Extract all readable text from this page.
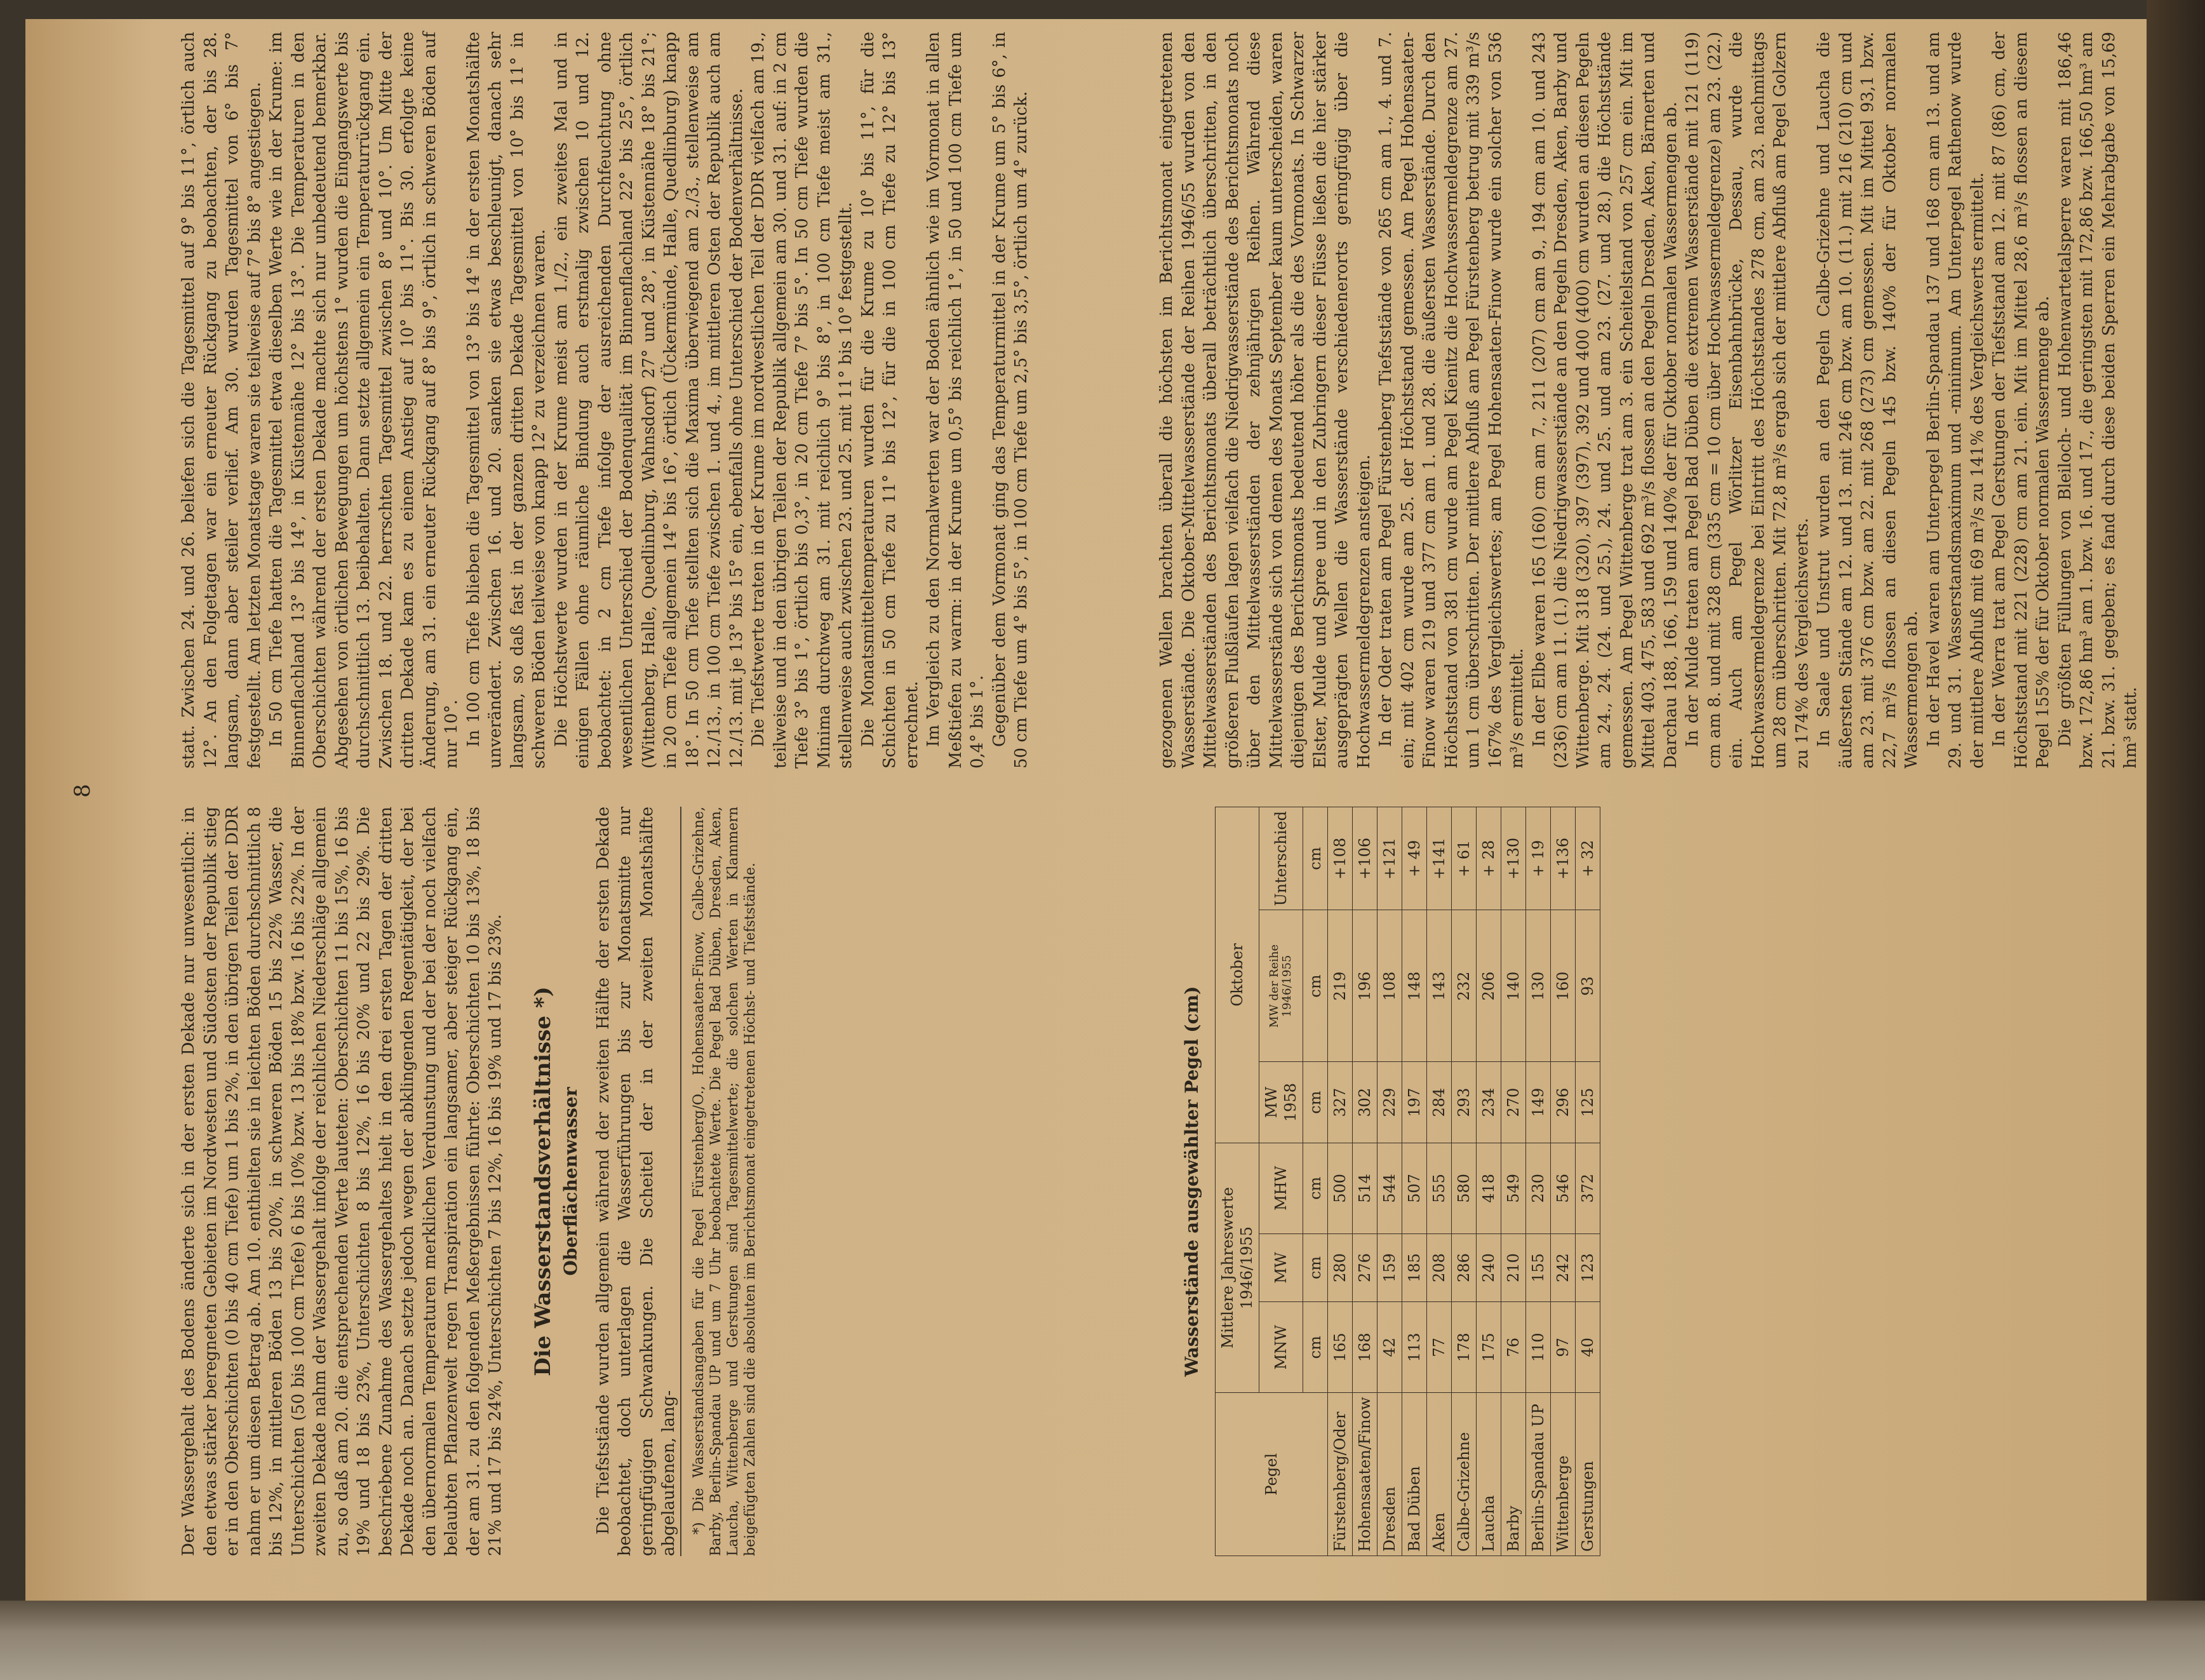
8

statt. Zwischen 24. und 26. beliefen sich die Tagesmittel auf 9° bis 11°, örtlich auch 12°. An den Folgetagen war ein erneuter Rückgang zu beobachten, der bis 28. langsam, dann aber steiler verlief. Am 30. wurden Tagesmittel von 6° bis 7° festgestellt. Am letzten Monatstage waren sie teilweise auf 7° bis 8° angestiegen. In 50 cm Tiefe hatten die Tagesmittel etwa dieselben Werte wie in der Krume: im Binnenflachland 13° bis 14°, in Küstennähe 12° bis 13°. Die Temperaturen in den Oberschichten während der ersten Dekade machte sich nur unbedeutend bemerkbar. Abgesehen von örtlichen Bewegungen um höchstens 1° wurden die Eingangswerte bis durchschnittlich 13. beibehalten. Dann setzte allgemein ein Temperaturrückgang ein. Zwischen 18. und 22. herrschten Tagesmittel zwischen 8° und 10°. Um Mitte der dritten Dekade kam es zu einem Anstieg auf 10° bis 11°. Bis 30. erfolgte keine Änderung, am 31. ein erneuter Rückgang auf 8° bis 9°, örtlich in schweren Böden auf nur 10°. In 100 cm Tiefe blieben die Tagesmittel von 13° bis 14° in der ersten Monatshälfte unverändert. Zwischen 16. und 20. sanken sie etwas beschleunigt, danach sehr langsam, so daß fast in der ganzen dritten Dekade Tagesmittel von 10° bis 11° in schweren Böden teilweise von knapp 12° zu verzeichnen waren. Die Höchstwerte wurden in der Krume meist am 1./2., ein zweites Mal und in einigen Fällen ohne räumliche Bindung auch erstmalig zwischen 10 und 12. beobachtet: in 2 cm Tiefe infolge der ausreichenden Durchfeuchtung ohne wesentlichen Unterschied der Bodenqualität im Binnenflachland 22° bis 25°, örtlich (Wittenberg, Halle, Quedlinburg, Wahnsdorf) 27° und 28°, in Küstennähe 18° bis 21°; in 20 cm Tiefe allgemein 14° bis 16°, örtlich (Ückermünde, Halle, Quedlinburg) knapp 18°. In 50 cm Tiefe stellten sich die Maxima überwiegend am 2./3., stellenweise am 12./13., in 100 cm Tiefe zwischen 1. und 4., im mittleren Osten der Republik auch am 12./13. mit je 13° bis 15° ein, ebenfalls ohne Unterschied der Bodenverhältnisse. Die Tiefstwerte traten in der Krume im nordwestlichen Teil der DDR vielfach am 19., teilweise und in den übrigen Teilen der Republik allgemein am 30. und 31. auf: in 2 cm Tiefe 3° bis 1°, örtlich bis 0,3°, in 20 cm Tiefe 7° bis 5°. In 50 cm Tiefe wurden die Minima durchweg am 31. mit reichlich 9° bis 8°, in 100 cm Tiefe meist am 31., stellenweise auch zwischen 23. und 25. mit 11° bis 10° festgestellt. Die Monatsmitteltemperaturen wurden für die Krume zu 10° bis 11°, für die Schichten in 50 cm Tiefe zu 11° bis 12°, für die in 100 cm Tiefe zu 12° bis 13° errechnet. Im Vergleich zu den Normalwerten war der Boden ähnlich wie im Vormonat in allen Meßtiefen zu warm: in der Krume um 0,5° bis reichlich 1°, in 50 und 100 cm Tiefe um 0,4° bis 1°. Gegenüber dem Vormonat ging das Temperaturmittel in der Krume um 5° bis 6°, in 50 cm Tiefe um 4° bis 5°, in 100 cm Tiefe um 2,5° bis 3,5°, örtlich um 4° zurück.

Der Wassergehalt des Bodens änderte sich in der ersten Dekade nur unwesentlich: in den etwas stärker beregneten Gebieten im Nordwesten und Südosten der Republik stieg er in den Oberschichten (0 bis 40 cm Tiefe) um 1 bis 2%, in den übrigen Teilen der DDR nahm er um diesen Betrag ab. Am 10. enthielten sie in leichten Böden durchschnittlich 8 bis 12%, in mittleren Böden 13 bis 20%, in schweren Böden 15 bis 22% Wasser, die Unterschichten (50 bis 100 cm Tiefe) 6 bis 10% bzw. 13 bis 18% bzw. 16 bis 22%. In der zweiten Dekade nahm der Wassergehalt infolge der reichlichen Niederschläge allgemein zu, so daß am 20. die entsprechenden Werte lauteten: Oberschichten 11 bis 15%, 16 bis 19% und 18 bis 23%, Unterschichten 8 bis 12%, 16 bis 20% und 22 bis 29%. Die beschriebene Zunahme des Wassergehaltes hielt in den drei ersten Tagen der dritten Dekade noch an. Danach setzte jedoch wegen der abklingenden Regentätigkeit, der bei den übernormalen Temperaturen merklichen Verdunstung und der bei der noch vielfach belaubten Pflanzenwelt regen Transpiration ein langsamer, aber steiger Rückgang ein, der am 31. zu den folgenden Meßergebnissen führte: Oberschichten 10 bis 13%, 18 bis 21% und 17 bis 24%, Unterschichten 7 bis 12%, 16 bis 19% und 17 bis 23%. Die Wasserstandsverhältnisse *) Oberflächenwasser Die Tiefststände wurden allgemein während der zweiten Hälfte der ersten Dekade beobachtet, doch unterlagen die Wasserführungen bis zur Monatsmitte nur geringfügigen Schwankungen. Die Scheitel der in der zweiten Monatshälfte abgelaufenen, lang- *) Die Wasserstandsangaben für die Pegel Fürstenberg/O., Hohensaaten-Finow, Calbe-Grizehne, Barby, Berlin-Spandau UP und um 7 Uhr beobachtete Werte. Die Pegel Bad Düben, Dresden, Aken, Lauchа, Wittenberge und Gerstungen sind Tagesmittelwerte; die solchen Werten in Klammern beigefügten Zahlen sind die absoluten im Berichtsmonat eingetretenen Höchst- und Tiefststände.

gezogenen Wellen brachten überall die höchsten im Berichtsmonat eingetretenen Wasserstände. Die Oktober-Mittelwasserstände der Reihen 1946/55 wurden von den Mittelwasserständen des Berichtsmonats überall beträchtlich überschritten, in den größeren Flußläufen lagen vielfach die Niedrigwasserstände des Berichtsmonats noch über den Mittelwasserständen der zehnjährigen Reihen. Während diese Mittelwasserstände sich von denen des Monats September kaum unterscheiden, waren diejenigen des Berichtsmonats bedeutend höher als die des Vormonats. In Schwarzer Elster, Mulde und Spree und in den Zubringern dieser Flüsse ließen die hier stärker ausgeprägten Wellen die Wasserstände verschiedenerorts geringfügig über die Hochwassermeldegrenzen ansteigen. In der Oder traten am Pegel Fürstenberg Tiefststände von 265 cm am 1., 4. und 7. ein; mit 402 cm wurde am 25. der Höchststand gemessen. Am Pegel Hohensaaten-Finow waren 219 und 377 cm am 1. und 28. die äußersten Wasserstände. Durch den Höchststand von 381 cm wurde am Pegel Kienitz die Hochwassermeldegrenze am 27. um 1 cm überschritten. Der mittlere Abfluß am Pegel Fürstenberg betrug mit 339 m³/s 167% des Vergleichswertes; am Pegel Hohensaaten-Finow wurde ein solcher von 536 m³/s ermittelt. In der Elbe waren 165 (160) cm am 7., 211 (207) cm am 9., 194 cm am 10. und 243 (236) cm am 11. (1.) die Niedrigwasserstände an den Pegeln Dresden, Aken, Barby und Wittenberge. Mit 318 (320), 397 (397), 392 und 400 (400) cm wurden an diesen Pegeln am 24., 24. (24. und 25.), 24. und 25. und am 23. (27. und 28.) die Höchststände gemessen. Am Pegel Wittenberge trat am 3. ein Scheitelstand von 257 cm ein. Mit im Mittel 403, 475, 583 und 692 m³/s flossen an den Pegeln Dresden, Aken, Bärnerten und Darchau 188, 166, 159 und 140% der für Oktober normalen Wassermengen ab. In der Mulde traten am Pegel Bad Düben die extremen Wasserstände mit 121 (119) cm am 8. und mit 328 cm (335 cm = 10 cm über Hochwassermeldegrenze) am 23. (22.) ein. Auch am Pegel Wörlitzer Eisenbahnbrücke, Dessau, wurde die Hochwassermeldegrenze bei Eintritt des Höchststandes 278 cm, am 23. nachmittags um 28 cm überschritten. Mit 72,8 m³/s ergab sich der mittlere Abfluß am Pegel Golzern zu 174% des Vergleichswerts. In Saale und Unstrut wurden an den Pegeln Calbe-Grizehne und Lauchа die äußersten Stände am 12. und 13. mit 246 cm bzw. am 10. (11.) mit 216 (210) cm und am 23. mit 376 cm bzw. am 22. mit 268 (273) cm gemessen. Mit im Mittel 93,1 bzw. 22,7 m³/s flossen an diesen Pegeln 145 bzw. 140% der für Oktober normalen Wassermengen ab. In der Havel waren am Unterpegel Berlin-Spandau 137 und 168 cm am 13. und am 29. und 31. Wasserstandsmaximum und -minimum. Am Unterpegel Rathenow wurde der mittlere Abfluß mit 69 m³/s zu 141% des Vergleichswerts ermittelt. In der Werra trat am Pegel Gerstungen der Tiefststand am 12. mit 87 (86) cm, der Höchststand mit 221 (228) cm am 21. ein. Mit im Mittel 28,6 m³/s flossen an diesem Pegel 155% der für Oktober normalen Wassermenge ab. Die größten Füllungen von Bleiloch- und Hohenwartetalsperre waren mit 186,46 bzw. 172,86 hm³ am 1. bzw. 16. und 17., die geringsten mit 172,86 bzw. 166,50 hm³ am 21. bzw. 31. gegeben; es fand durch diese beiden Sperren ein Mehrabgabe von 15,69 hm³ statt.

Wasserstände ausgewählter Pegel (cm)
Pegel	Mittlere Jahreswerte 1946/1955			Oktober		
	MNW	MW	MHW	MW 1958	MW der Reihe 1946/1955	Unterschied
	cm	cm	cm	cm	cm	cm
Fürstenberg/Oder	165	280	500	327	219	+108
Hohensaaten/Finow	168	276	514	302	196	+106
Dresden	42	159	544	229	108	+121
Bad Düben	113	185	507	197	148	+ 49
Aken	77	208	555	284	143	+141
Calbe-Grizehne	178	286	580	293	232	+ 61
Lauchа	175	240	418	234	206	+ 28
Barby	76	210	549	270	140	+130
Berlin-Spandau UP	110	155	230	149	130	+ 19
Wittenberge	97	242	546	296	160	+136
Gerstungen	40	123	372	125	93	+ 32
